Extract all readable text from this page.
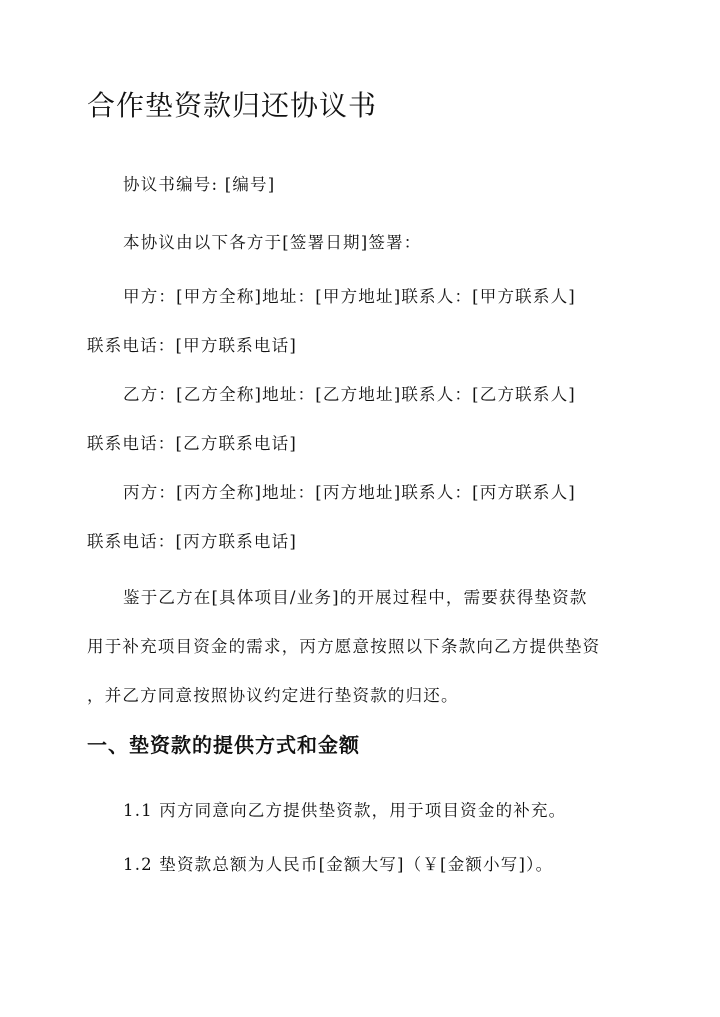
合作垫资款归还协议书

协议书编号: [编号]

本协议由以下各方于[签署日期]签署：

甲方：[甲方全称]地址：[甲方地址]联系人：[甲方联系人]
联系电话：[甲方联系电话]

乙方：[乙方全称]地址：[乙方地址]联系人：[乙方联系人]
联系电话：[乙方联系电话]

丙方：[丙方全称]地址：[丙方地址]联系人：[丙方联系人]
联系电话：[丙方联系电话]

鉴于乙方在[具体项目/业务]的开展过程中，需要获得垫资款
用于补充项目资金的需求，丙方愿意按照以下条款向乙方提供垫资
，并乙方同意按照协议约定进行垫资款的归还。

一、垫资款的提供方式和金额

1.1 丙方同意向乙方提供垫资款，用于项目资金的补充。

1.2 垫资款总额为人民币[金额大写]（￥[金额小写]）。
